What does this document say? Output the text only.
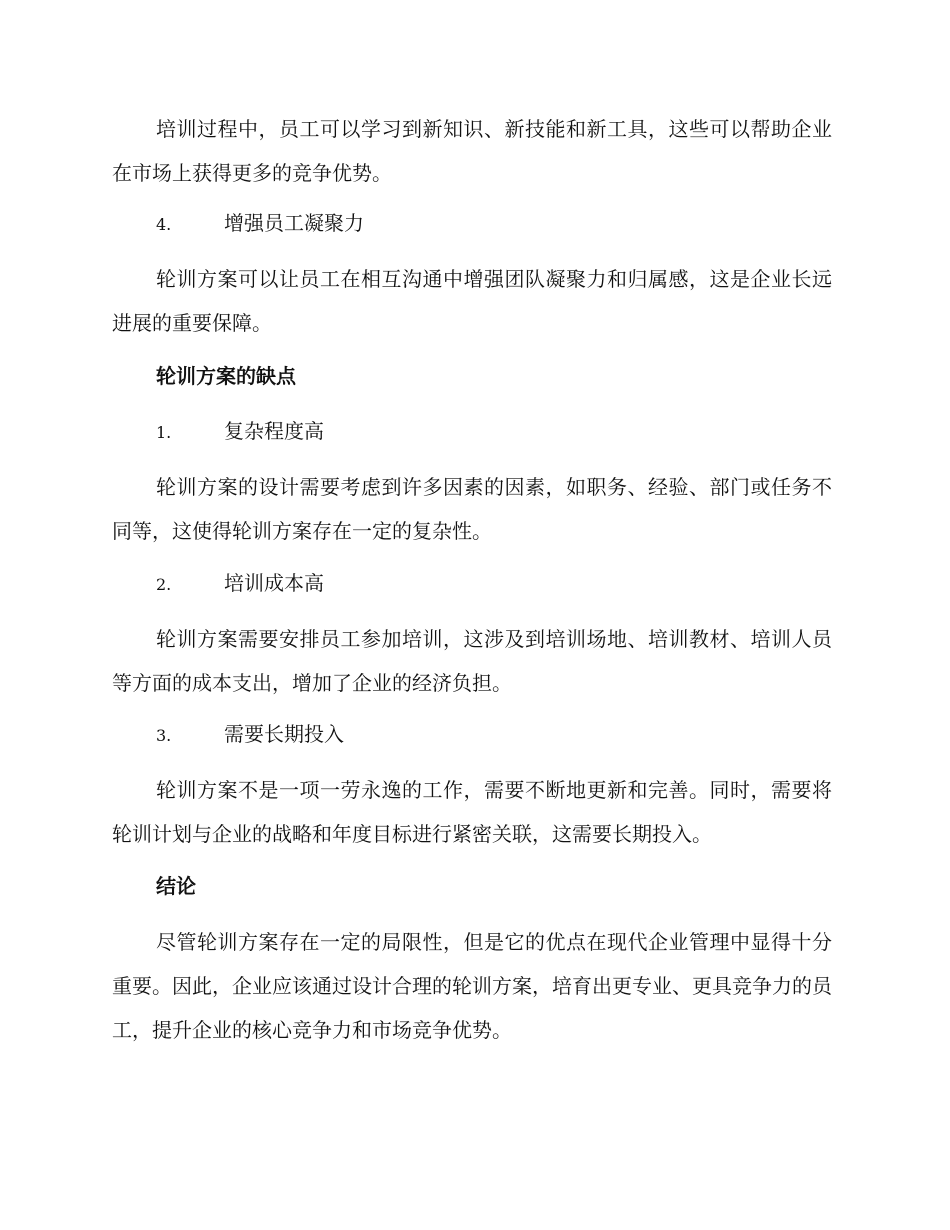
培训过程中，员工可以学习到新知识、新技能和新工具，这些可以帮助企业在市场上获得更多的竞争优势。

4.	增强员工凝聚力

轮训方案可以让员工在相互沟通中增强团队凝聚力和归属感，这是企业长远进展的重要保障。

轮训方案的缺点
1.	复杂程度高

轮训方案的设计需要考虑到许多因素的因素，如职务、经验、部门或任务不同等，这使得轮训方案存在一定的复杂性。

2.	培训成本高

轮训方案需要安排员工参加培训，这涉及到培训场地、培训教材、培训人员等方面的成本支出，增加了企业的经济负担。

3.	需要长期投入

轮训方案不是一项一劳永逸的工作，需要不断地更新和完善。同时，需要将轮训计划与企业的战略和年度目标进行紧密关联，这需要长期投入。

结论

尽管轮训方案存在一定的局限性，但是它的优点在现代企业管理中显得十分重要。因此，企业应该通过设计合理的轮训方案，培育出更专业、更具竞争力的员工，提升企业的核心竞争力和市场竞争优势。
